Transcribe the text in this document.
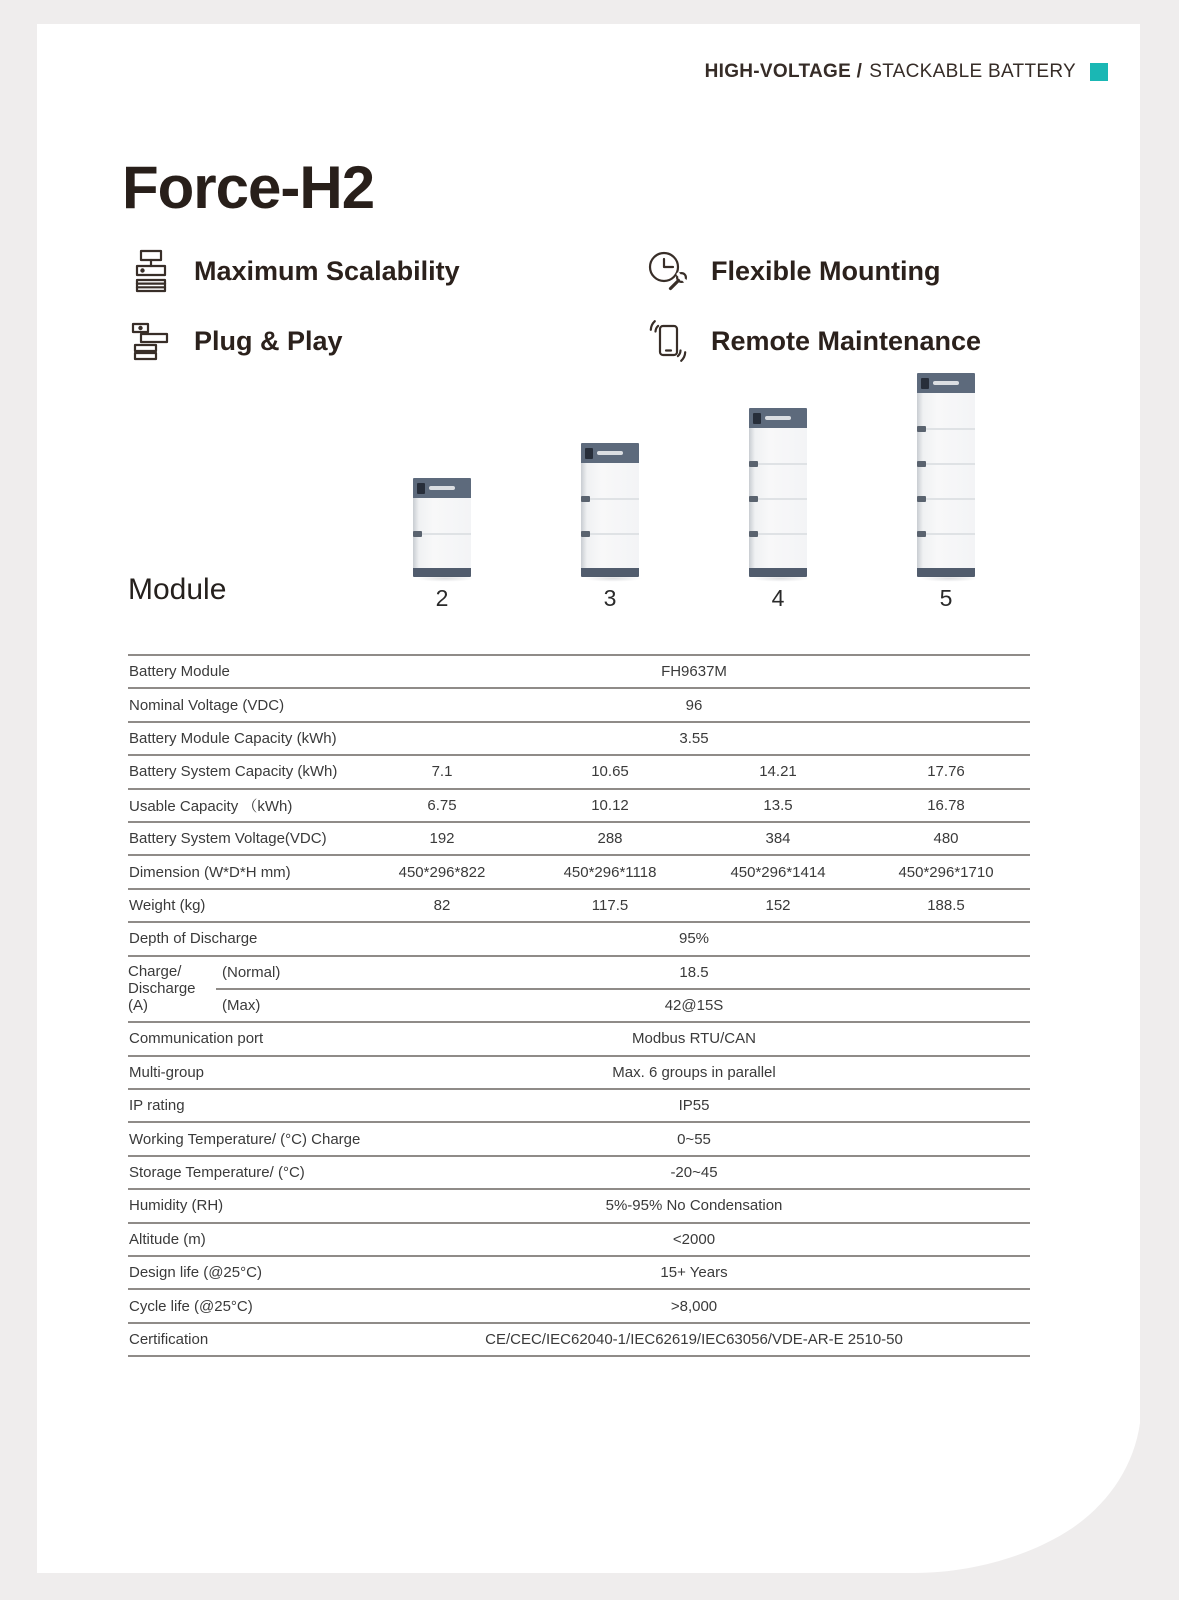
HIGH-VOLTAGE / STACKABLE BATTERY
Force-H2
Maximum Scalability	Flexible Mounting
Plug & Play	Remote Maintenance
Module	2	3	4	5
Battery Module	FH9637M
Nominal Voltage (VDC)	96
Battery Module Capacity (kWh)	3.55
Battery System Capacity (kWh)	7.1	10.65	14.21	17.76
Usable Capacity （kWh)	6.75	10.12	13.5	16.78
Battery System Voltage(VDC)	192	288	384	480
Dimension (W*D*H mm)	450*296*822	450*296*1118	450*296*1414	450*296*1710
Weight (kg)	82	117.5	152	188.5
Depth of Discharge	95%
Charge/
Discharge
(A)
(Normal)	18.5
(Max)	42@15S
Communication port	Modbus RTU/CAN
Multi-group	Max. 6 groups in parallel
IP rating	IP55
Working Temperature/ (°C) Charge	0~55
Storage Temperature/ (°C)	-20~45
Humidity (RH)	5%-95% No Condensation
Altitude (m)	<2000
Design life (@25°C)	15+ Years
Cycle life (@25°C)	>8,000
Certification	CE/CEC/IEC62040-1/IEC62619/IEC63056/VDE-AR-E 2510-50
